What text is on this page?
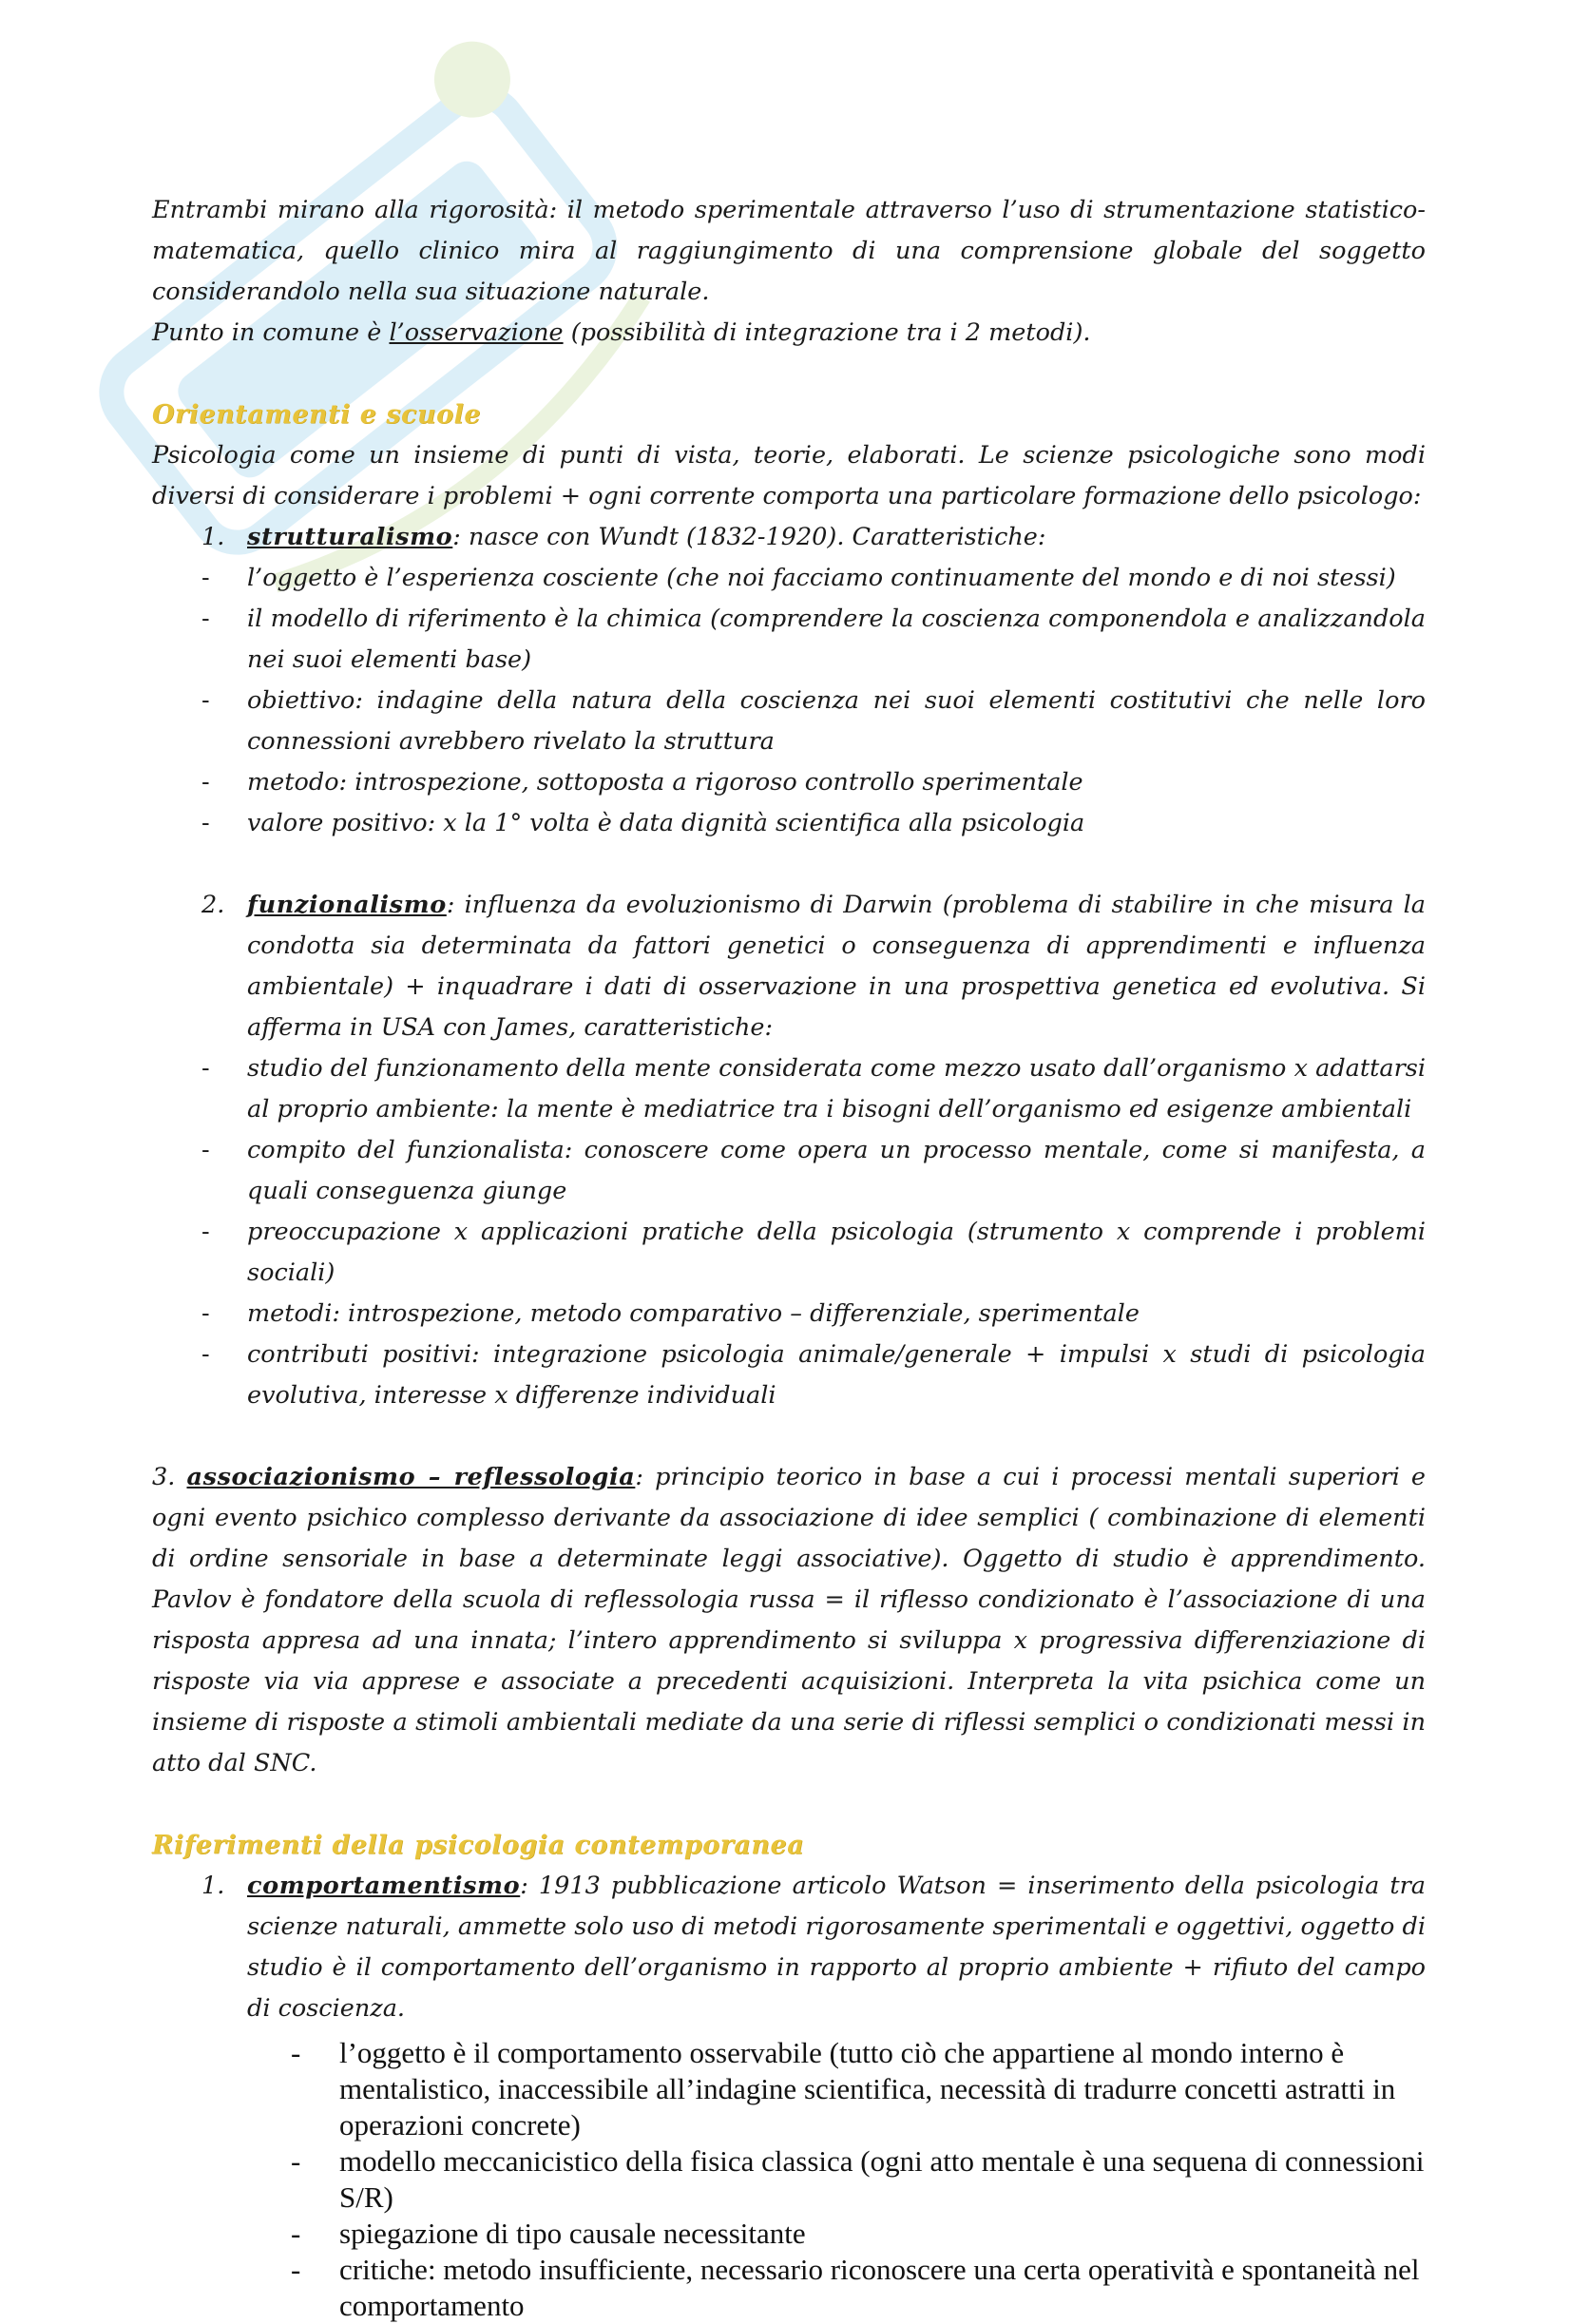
Entrambi mirano alla rigorosità: il metodo sperimentale attraverso l’uso di strumentazione statistico-matematica, quello clinico mira al raggiungimento di una comprensione globale del soggetto considerandolo nella sua situazione naturale.

Punto in comune è l’osservazione (possibilità di integrazione tra i 2 metodi).

Orientamenti e scuole

Psicologia come un insieme di punti di vista, teorie, elaborati. Le scienze psicologiche sono modi diversi di considerare i problemi + ogni corrente comporta una particolare formazione dello psicologo:

1. strutturalismo: nasce con Wundt (1832-1920). Caratteristiche:
- l’oggetto è l’esperienza cosciente (che noi facciamo continuamente del mondo e di noi stessi)
- il modello di riferimento è la chimica (comprendere la coscienza componendola e analizzandola nei suoi elementi base)
- obiettivo: indagine della natura della coscienza nei suoi elementi costitutivi che nelle loro connessioni avrebbero rivelato la struttura
- metodo: introspezione, sottoposta a rigoroso controllo sperimentale
- valore positivo: x la 1° volta è data dignità scientifica alla psicologia
2. funzionalismo: influenza da evoluzionismo di Darwin (problema di stabilire in che misura la condotta sia determinata da fattori genetici o conseguenza di apprendimenti e influenza ambientale) + inquadrare i dati di osservazione in una prospettiva genetica ed evolutiva. Si afferma in USA con James, caratteristiche:
- studio del funzionamento della mente considerata come mezzo usato dall’organismo x adattarsi al proprio ambiente: la mente è mediatrice tra i bisogni dell’organismo ed esigenze ambientali
- compito del funzionalista: conoscere come opera un processo mentale, come si manifesta, a quali conseguenza giunge
- preoccupazione x applicazioni pratiche della psicologia (strumento x comprende i problemi sociali)
- metodi: introspezione, metodo comparativo – differenziale, sperimentale
- contributi positivi: integrazione psicologia animale/generale + impulsi x studi di psicologia evolutiva, interesse x differenze individuali

3. associazionismo – reflessologia: principio teorico in base a cui i processi mentali superiori e ogni evento psichico complesso derivante da associazione di idee semplici ( combinazione di elementi di ordine sensoriale in base a determinate leggi associative). Oggetto di studio è apprendimento. Pavlov è fondatore della scuola di reflessologia russa = il riflesso condizionato è l’associazione di una risposta appresa ad una innata; l’intero apprendimento si sviluppa x progressiva differenziazione di risposte via via apprese e associate a precedenti acquisizioni. Interpreta la vita psichica come un insieme di risposte a stimoli ambientali mediate da una serie di riflessi semplici o condizionati messi in atto dal SNC.

Riferimenti della psicologia contemporanea
1. comportamentismo: 1913 pubblicazione articolo Watson = inserimento della psicologia tra scienze naturali, ammette solo uso di metodi rigorosamente sperimentali e oggettivi, oggetto di studio è il comportamento dell’organismo in rapporto al proprio ambiente + rifiuto del campo di coscienza.
- l’oggetto è il comportamento osservabile (tutto ciò che appartiene al mondo interno è mentalistico, inaccessibile all’indagine scientifica, necessità di tradurre concetti astratti in operazioni concrete)
- modello meccanicistico della fisica classica (ogni atto mentale è una sequena di connessioni S/R)
- spiegazione di tipo causale necessitante
- critiche: metodo insufficiente, necessario riconoscere una certa operatività e spontaneità nel comportamento
